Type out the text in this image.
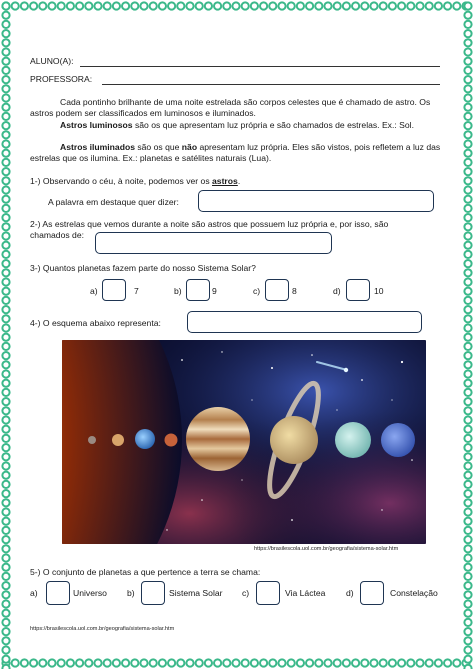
ALUNO(A):
PROFESSORA:
Cada pontinho brilhante de uma noite estrelada são corpos celestes que é chamado de astro. Os astros podem ser classificados em luminosos e iluminados.
Astros luminosos são os que apresentam luz própria e são chamados de estrelas. Ex.: Sol.
Astros iluminados são os que não apresentam luz própria. Eles são vistos, pois refletem a luz das estrelas que os ilumina. Ex.: planetas e satélites naturais (Lua).
1-) Observando o céu, à noite, podemos ver os astros.
A palavra em destaque quer dizer:
2-) As estrelas que vemos durante a noite são astros que possuem luz própria e, por isso, são
chamados de:
3-) Quantos planetas fazem parte do nosso Sistema Solar?
a)	7	b)	9	c)	8	d)	10
4-) O esquema abaixo representa:
https://brasilescola.uol.com.br/geografia/sistema-solar.htm
5-) O conjunto de planetas a que pertence a terra se chama:
a)	Universo b)	Sistema Solar c)	Via Láctea d)	Constelação
https://brasilescola.uol.com.br/geografia/sistema-solar.htm
